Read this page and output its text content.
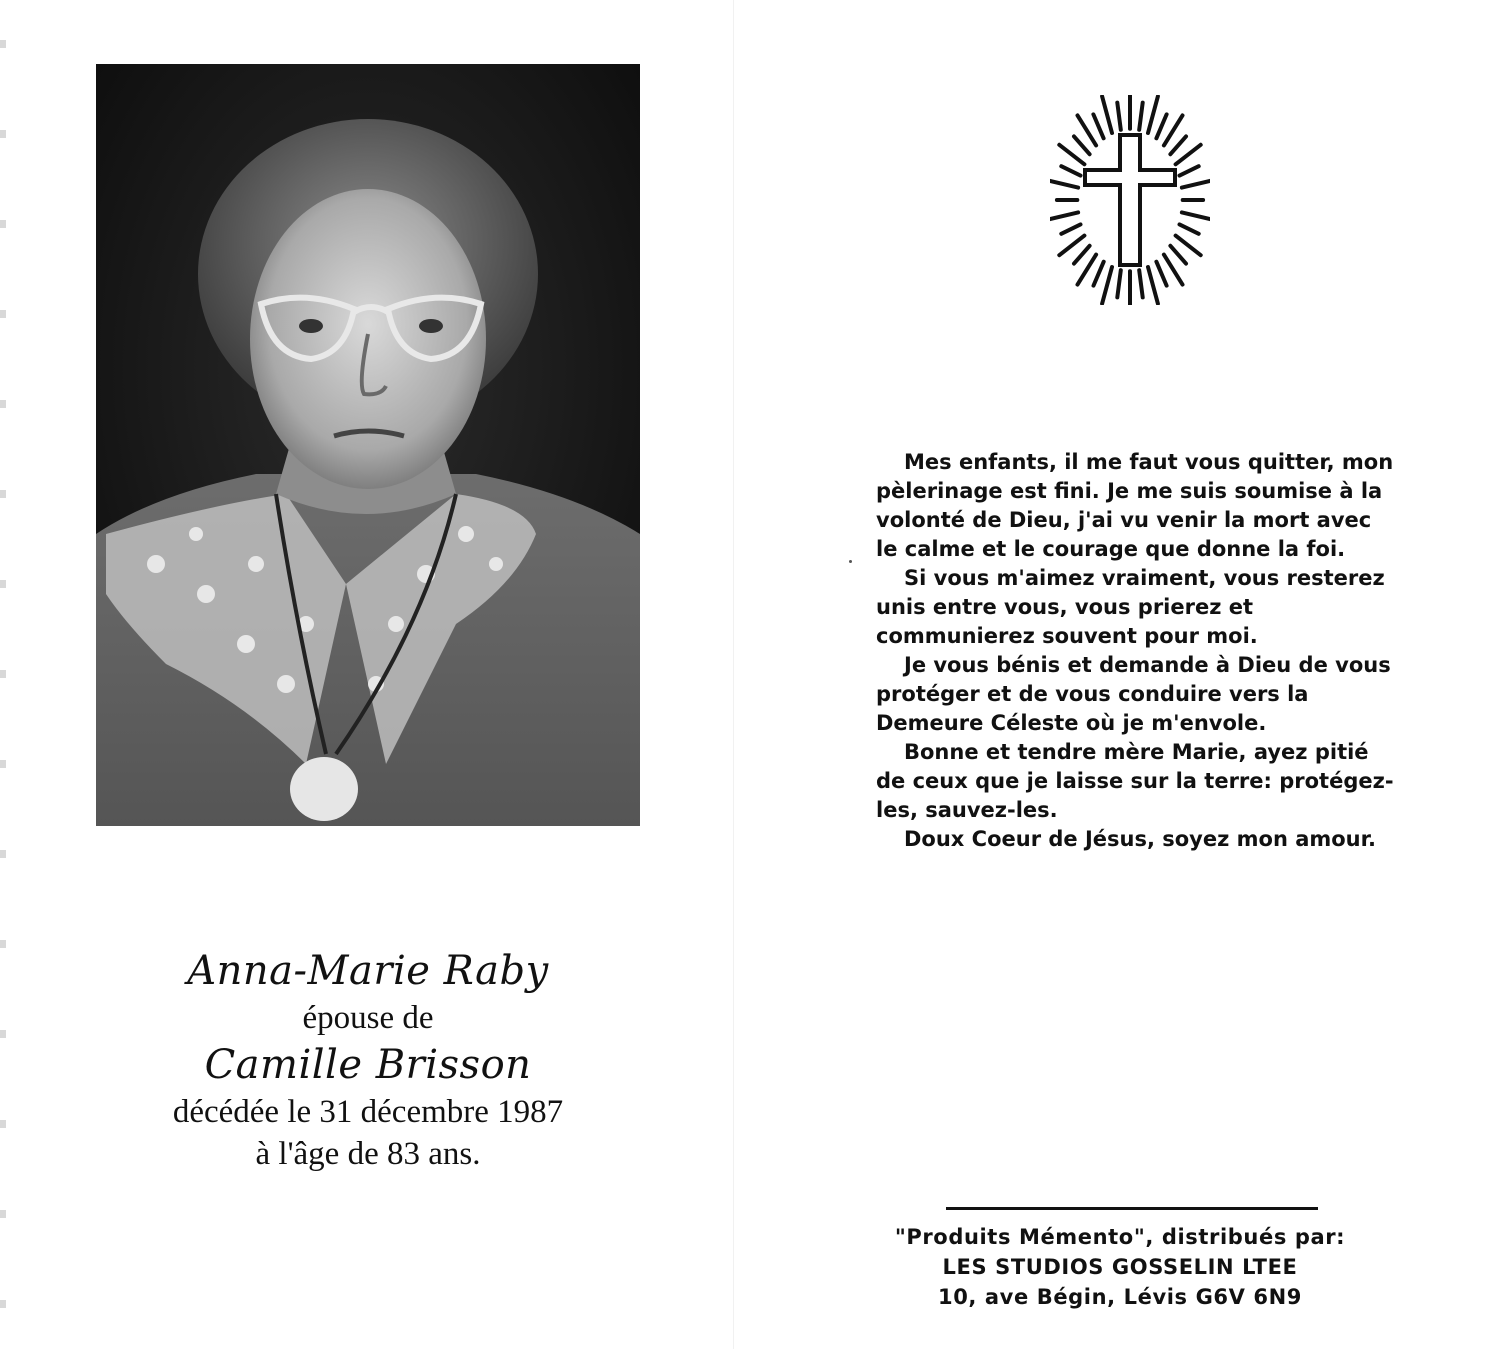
Anna-Marie Raby
épouse de
Camille Brisson
décédée le 31 décembre 1987
à l'âge de 83 ans.

Mes enfants, il me faut vous quitter, mon pèlerinage est fini. Je me suis soumise à la volonté de Dieu, j'ai vu venir la mort avec le calme et le courage que donne la foi.

Si vous m'aimez vraiment, vous resterez unis entre vous, vous prierez et communierez souvent pour moi.

Je vous bénis et demande à Dieu de vous protéger et de vous conduire vers la Demeure Céleste où je m'envole.

Bonne et tendre mère Marie, ayez pitié de ceux que je laisse sur la terre: protégez-les, sauvez-les.

Doux Coeur de Jésus, soyez mon amour.

"Produits Mémento", distribués par:
LES STUDIOS GOSSELIN LTEE
10, ave Bégin, Lévis G6V 6N9
